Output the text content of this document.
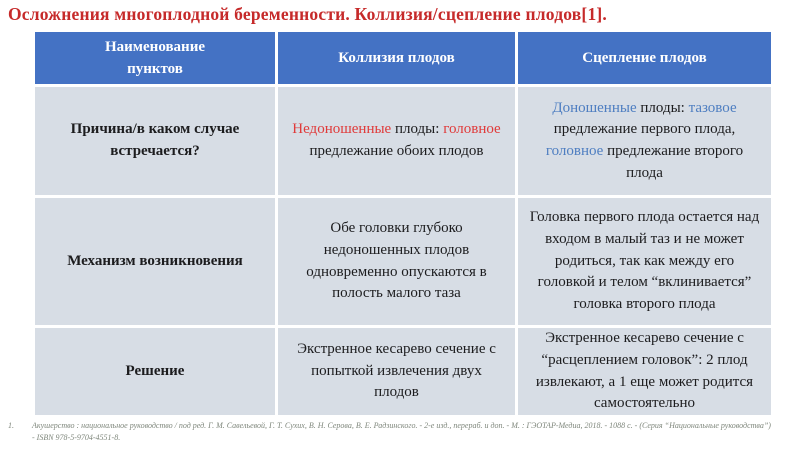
Осложнения многоплодной беременности. Коллизия/сцепление плодов[1].
Наименование
пунктов
Коллизия плодов	Сцепление плодов
Причина/в каком случае встречается?
Недоношенные плоды: головное предлежание обоих плодов
Доношенные плоды: тазовое предлежание первого плода, головное предлежание второго плода
Механизм возникновения
Обе головки глубоко недоношенных плодов одновременно опускаются в полость малого таза
Головка первого плода остается над входом в малый таз и не может родиться, так как между его головкой и телом “вклинивается” головка второго плода
Решение
Экстренное кесарево сечение с попыткой извлечения двух плодов
Экстренное кесарево сечение с “расцеплением головок”: 2 плод извлекают, а 1 еще может родится самостоятельно
1.	Акушерство : национальное руководство / под ред. Г. М. Савельевой, Г. Т. Сухих, В. Н. Серова, В. Е. Радзинского. - 2-е изд., перераб. и доп. - М. : ГЭОТАР-Медиа, 2018. - 1088 с. - (Серия “Национальные руководства”)
- ISBN 978-5-9704-4551-8.
